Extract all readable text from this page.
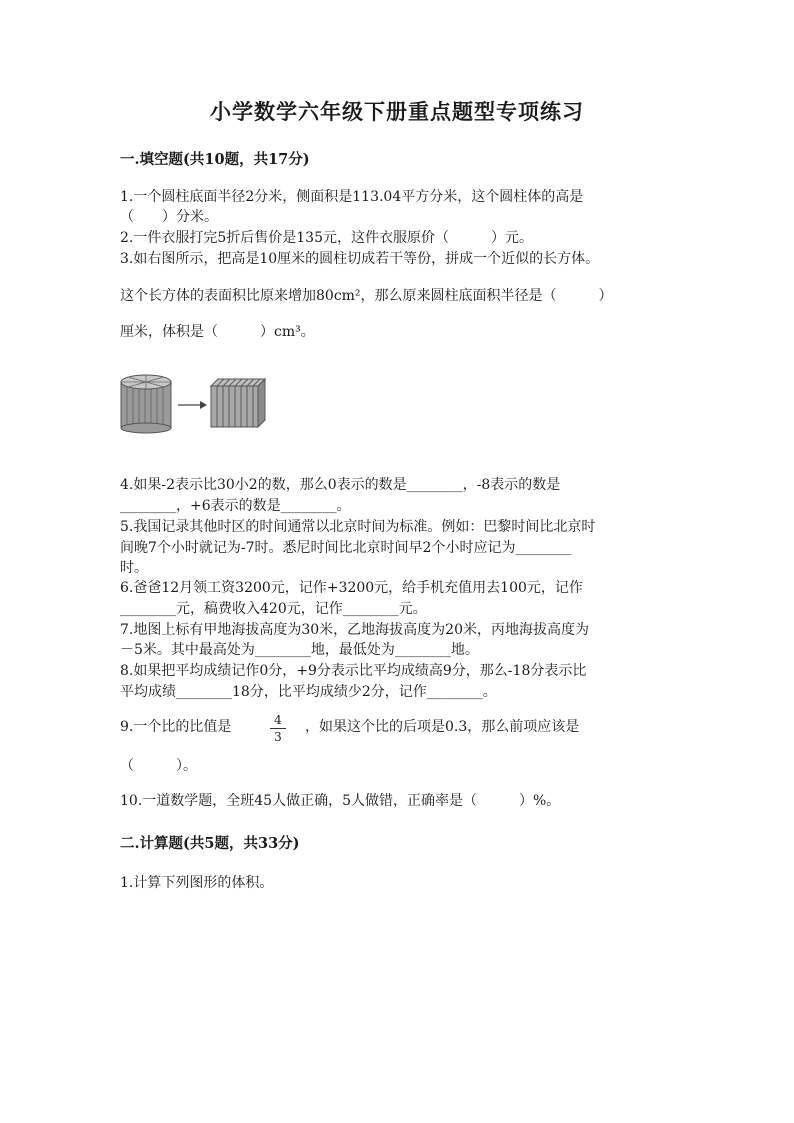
小学数学六年级下册重点题型专项练习
一.填空题(共10题，共17分)
1.一个圆柱底面半径2分米，侧面积是113.04平方分米，这个圆柱体的高是
（　　）分米。
2.一件衣服打完5折后售价是135元，这件衣服原价（　　　）元。
3.如右图所示，把高是10厘米的圆柱切成若干等份，拼成一个近似的长方体。
这个长方体的表面积比原来增加80cm²，那么原来圆柱底面积半径是（　　　）
厘米，体积是（　　　）cm³。
4.如果-2表示比30小2的数，那么0表示的数是________，-8表示的数是
________，+6表示的数是________。
5.我国记录其他时区的时间通常以北京时间为标准。例如：巴黎时间比北京时
间晚7个小时就记为-7时。悉尼时间比北京时间早2个小时应记为________
时。
6.爸爸12月领工资3200元，记作+3200元，给手机充值用去100元，记作
________元，稿费收入420元，记作________元。
7.地图上标有甲地海拔高度为30米，乙地海拔高度为20米，丙地海拔高度为
－5米。其中最高处为________地，最低处为________地。
8.如果把平均成绩记作0分，+9分表示比平均成绩高9分，那么-18分表示比
平均成绩________18分，比平均成绩少2分，记作________。
9.一个比的比值是	4
3
，如果这个比的后项是0.3，那么前项应该是
（　　　）。
10.一道数学题，全班45人做正确，5人做错，正确率是（　　　）%。
二.计算题(共5题，共33分)
1.计算下列图形的体积。
